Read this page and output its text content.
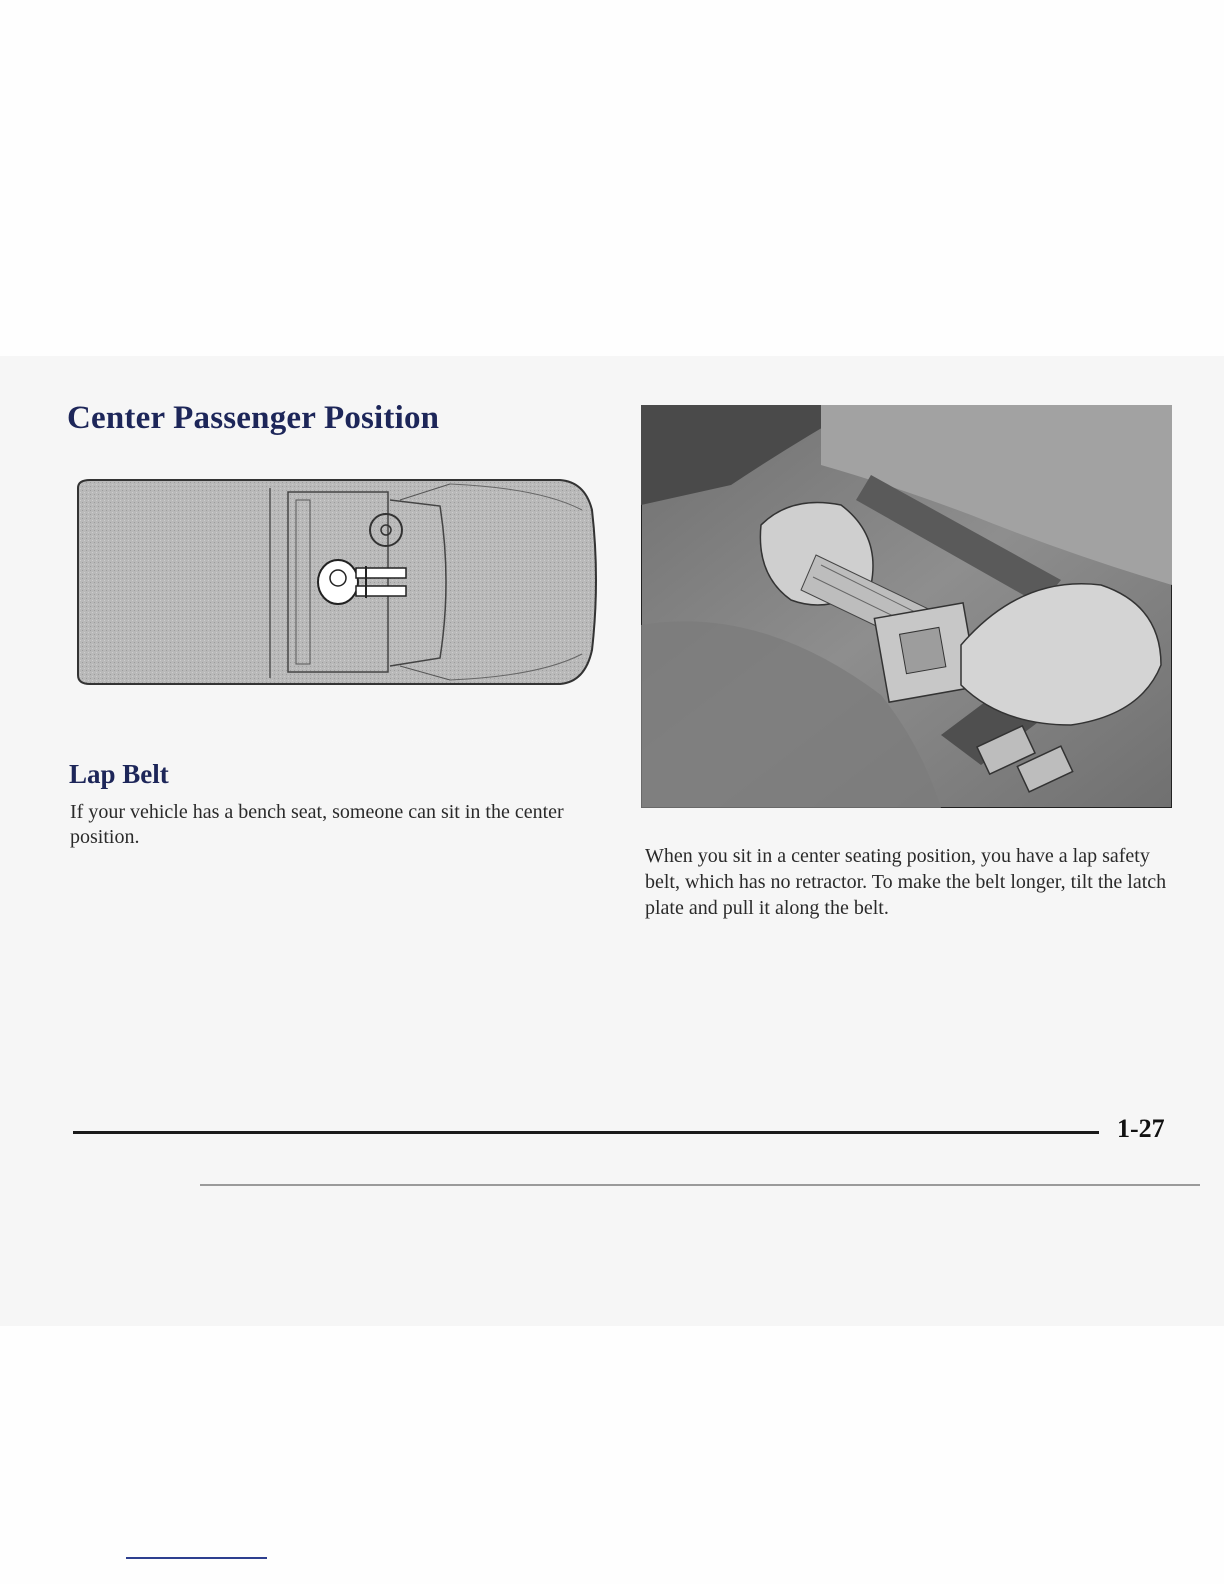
Center Passenger Position
Lap Belt

If your vehicle has a bench seat, someone can sit in the center position.

When you sit in a center seating position, you have a lap safety belt, which has no retractor. To make the belt longer, tilt the latch plate and pull it along the belt.

1-27
